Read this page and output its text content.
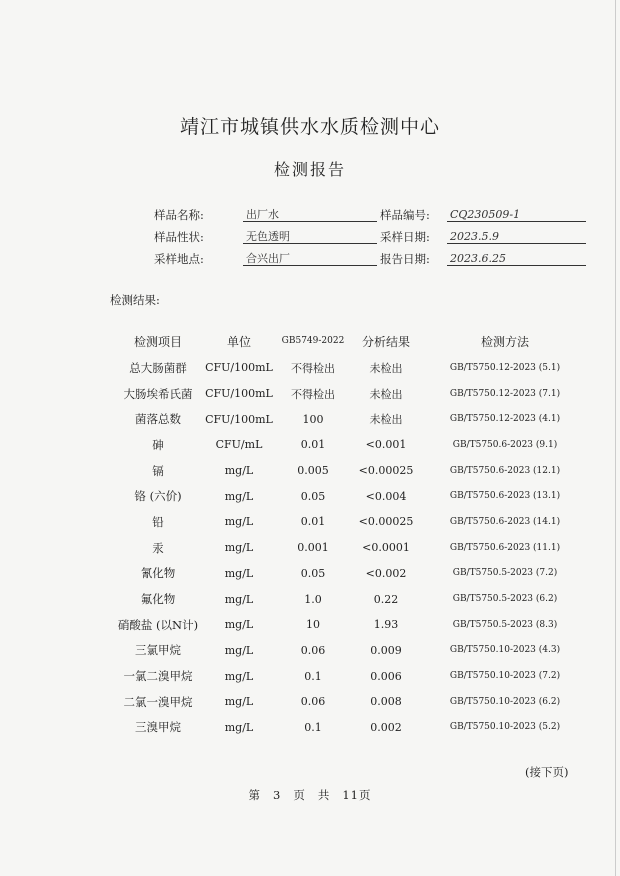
靖江市城镇供水水质检测中心
检测报告
样品名称:	出厂水	样品编号: CQ230509-1
样品性状:	无色透明	采样日期: 2023.5.9
采样地点:	合兴出厂	报告日期: 2023.6.25
检测结果:
检测项目	单位	GB5749-2022	分析结果	检测方法
总大肠菌群	CFU/100mL	不得检出	未检出	GB/T5750.12-2023 (5.1)
大肠埃希氏菌	CFU/100mL	不得检出	未检出	GB/T5750.12-2023 (7.1)
菌落总数	CFU/100mL	100	未检出	GB/T5750.12-2023 (4.1)
砷	CFU/mL	0.01	<0.001	GB/T5750.6-2023 (9.1)
镉	mg/L	0.005	<0.00025	GB/T5750.6-2023 (12.1)
铬 (六价)	mg/L	0.05	<0.004	GB/T5750.6-2023 (13.1)
铅	mg/L	0.01	<0.00025	GB/T5750.6-2023 (14.1)
汞	mg/L	0.001	<0.0001	GB/T5750.6-2023 (11.1)
氰化物	mg/L	0.05	<0.002	GB/T5750.5-2023 (7.2)
氟化物	mg/L	1.0	0.22	GB/T5750.5-2023 (6.2)
硝酸盐 (以N计)	mg/L	10	1.93	GB/T5750.5-2023 (8.3)
三氯甲烷	mg/L	0.06	0.009	GB/T5750.10-2023 (4.3)
一氯二溴甲烷	mg/L	0.1	0.006	GB/T5750.10-2023 (7.2)
二氯一溴甲烷	mg/L	0.06	0.008	GB/T5750.10-2023 (6.2)
三溴甲烷	mg/L	0.1	0.002	GB/T5750.10-2023 (5.2)
(接下页)
第 3 页 共 11页
